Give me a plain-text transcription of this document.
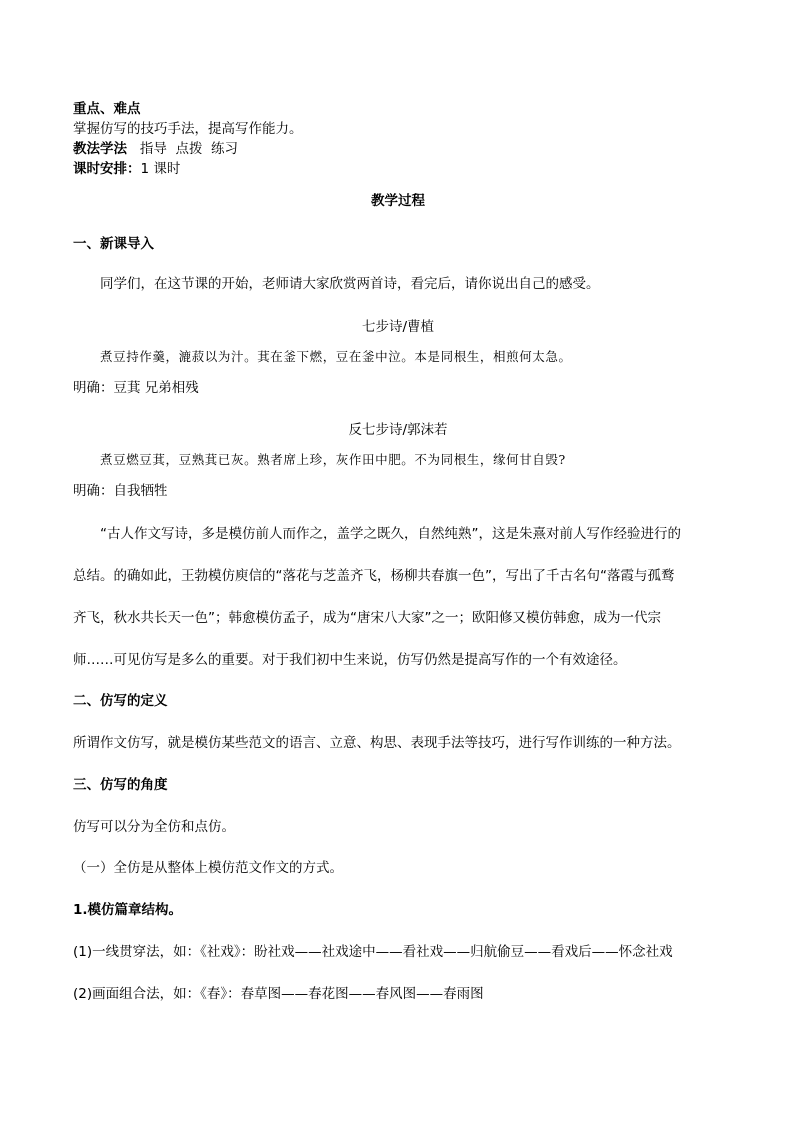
重点、难点
掌握仿写的技巧手法，提高写作能力。
教法学法   指导  点拨  练习
课时安排：1 课时
教学过程
一、新课导入
同学们，在这节课的开始，老师请大家欣赏两首诗，看完后，请你说出自己的感受。
七步诗/曹植
煮豆持作羹，漉菽以为汁。萁在釜下燃，豆在釜中泣。本是同根生，相煎何太急。
明确：豆萁 兄弟相残
反七步诗/郭沫若
煮豆燃豆萁，豆熟萁已灰。熟者席上珍，灰作田中肥。不为同根生，缘何甘自毁?
明确：自我牺牲
“古人作文写诗，多是模仿前人而作之，盖学之既久，自然纯熟”，这是朱熹对前人写作经验进行的
总结。的确如此，王勃模仿庾信的“落花与芝盖齐飞，杨柳共春旗一色”，写出了千古名句“落霞与孤鹜
齐飞，秋水共长天一色”；韩愈模仿孟子，成为“唐宋八大家”之一；欧阳修又模仿韩愈，成为一代宗
师……可见仿写是多么的重要。对于我们初中生来说，仿写仍然是提高写作的一个有效途径。
二、仿写的定义
所谓作文仿写，就是模仿某些范文的语言、立意、构思、表现手法等技巧，进行写作训练的一种方法。
三、仿写的角度
仿写可以分为全仿和点仿。
（一）全仿是从整体上模仿范文作文的方式。
1.模仿篇章结构。
(1)一线贯穿法，如：《社戏》：盼社戏——社戏途中——看社戏——归航偷豆——看戏后——怀念社戏
(2)画面组合法，如：《春》：春草图——春花图——春风图——春雨图
